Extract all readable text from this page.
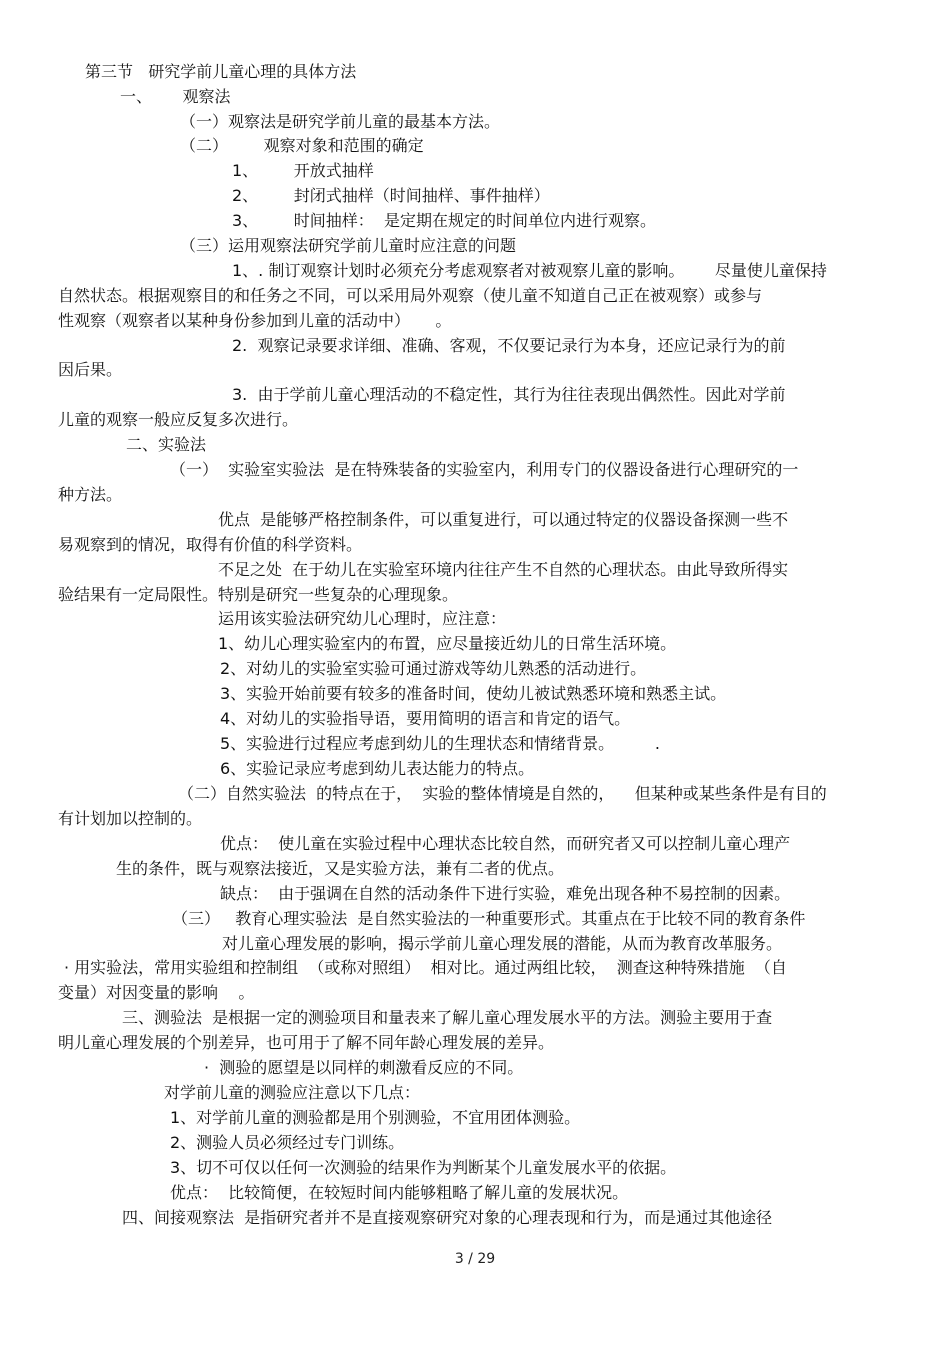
第三节   研究学前儿童心理的具体方法
一、      观察法
（一）观察法是研究学前儿童的最基本方法。
（二）       观察对象和范围的确定
1、       开放式抽样
2、       封闭式抽样（时间抽样、事件抽样）
3、       时间抽样：  是定期在规定的时间单位内进行观察。
（三）运用观察法研究学前儿童时应注意的问题
1、. 制订观察计划时必须充分考虑观察者对被观察儿童的影响。      尽量使儿童保持
自然状态。根据观察目的和任务之不同，可以采用局外观察（使儿童不知道自己正在被观察）或参与
性观察（观察者以某种身份参加到儿童的活动中）     。
2.  观察记录要求详细、准确、客观，不仅要记录行为本身，还应记录行为的前
因后果。
3.  由于学前儿童心理活动的不稳定性，其行为往往表现出偶然性。因此对学前
儿童的观察一般应反复多次进行。
二、实验法
（一）  实验室实验法  是在特殊装备的实验室内，利用专门的仪器设备进行心理研究的一
种方法。
优点  是能够严格控制条件，可以重复进行，可以通过特定的仪器设备探测一些不
易观察到的情况，取得有价值的科学资料。
不足之处  在于幼儿在实验室环境内往往产生不自然的心理状态。由此导致所得实
验结果有一定局限性。特别是研究一些复杂的心理现象。
运用该实验法研究幼儿心理时，应注意：
1、幼儿心理实验室内的布置，应尽量接近幼儿的日常生活环境。
2、对幼儿的实验室实验可通过游戏等幼儿熟悉的活动进行。
3、实验开始前要有较多的准备时间，使幼儿被试熟悉环境和熟悉主试。
4、对幼儿的实验指导语，要用简明的语言和肯定的语气。
5、实验进行过程应考虑到幼儿的生理状态和情绪背景。        .
6、实验记录应考虑到幼儿表达能力的特点。
（二）自然实验法  的特点在于，  实验的整体情境是自然的，    但某种或某些条件是有目的
有计划加以控制的。
优点：  使儿童在实验过程中心理状态比较自然，而研究者又可以控制儿童心理产
生的条件，既与观察法接近，又是实验方法，兼有二者的优点。
缺点：  由于强调在自然的活动条件下进行实验，难免出现各种不易控制的因素。
（三）   教育心理实验法  是自然实验法的一种重要形式。其重点在于比较不同的教育条件
对儿童心理发展的影响，揭示学前儿童心理发展的潜能，从而为教育改革服务。
· 用实验法，常用实验组和控制组  （或称对照组）  相对比。通过两组比较，  测查这种特殊措施  （自
变量）对因变量的影响    。
三、测验法  是根据一定的测验项目和量表来了解儿童心理发展水平的方法。测验主要用于查
明儿童心理发展的个别差异，也可用于了解不同年龄心理发展的差异。
·  测验的愿望是以同样的刺激看反应的不同。
对学前儿童的测验应注意以下几点：
1、对学前儿童的测验都是用个别测验，不宜用团体测验。
2、测验人员必须经过专门训练。
3、切不可仅以任何一次测验的结果作为判断某个儿童发展水平的依据。
优点：  比较简便，在较短时间内能够粗略了解儿童的发展状况。
四、间接观察法  是指研究者并不是直接观察研究对象的心理表现和行为，而是通过其他途径
3 / 29
